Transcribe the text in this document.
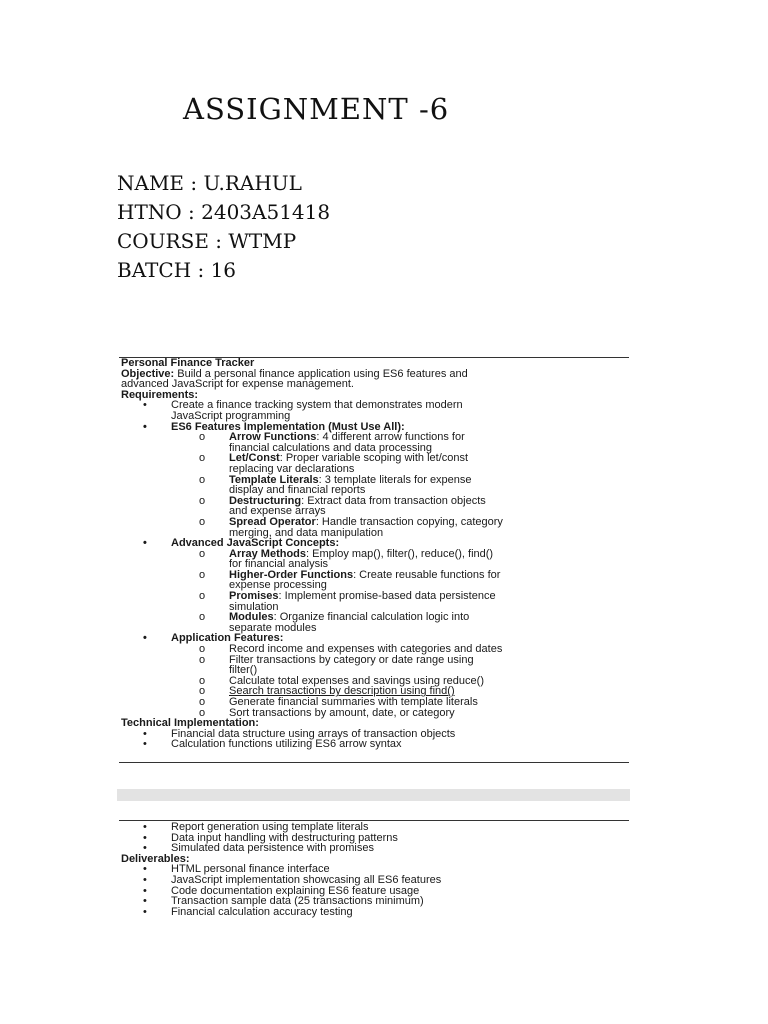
ASSIGNMENT -6
NAME : U.RAHUL
HTNO : 2403A51418
COURSE : WTMP
BATCH : 16
Personal Finance Tracker
Objective: Build a personal finance application using ES6 features and
advanced JavaScript for expense management.
Requirements:
• Create a finance tracking system that demonstrates modern
JavaScript programming
• ES6 Features Implementation (Must Use All):
o Arrow Functions: 4 different arrow functions for
financial calculations and data processing
o Let/Const: Proper variable scoping with let/const
replacing var declarations
o Template Literals: 3 template literals for expense
display and financial reports
o Destructuring: Extract data from transaction objects
and expense arrays
o Spread Operator: Handle transaction copying, category
merging, and data manipulation
• Advanced JavaScript Concepts:
o Array Methods: Employ map(), filter(), reduce(), find()
for financial analysis
o Higher-Order Functions: Create reusable functions for
expense processing
o Promises: Implement promise-based data persistence
simulation
o Modules: Organize financial calculation logic into
separate modules
• Application Features:
o Record income and expenses with categories and dates
o Filter transactions by category or date range using
filter()
o Calculate total expenses and savings using reduce()
o Search transactions by description using find()
o Generate financial summaries with template literals
o Sort transactions by amount, date, or category
Technical Implementation:
• Financial data structure using arrays of transaction objects
• Calculation functions utilizing ES6 arrow syntax
• Report generation using template literals
• Data input handling with destructuring patterns
• Simulated data persistence with promises
Deliverables:
• HTML personal finance interface
• JavaScript implementation showcasing all ES6 features
• Code documentation explaining ES6 feature usage
• Transaction sample data (25 transactions minimum)
• Financial calculation accuracy testing
